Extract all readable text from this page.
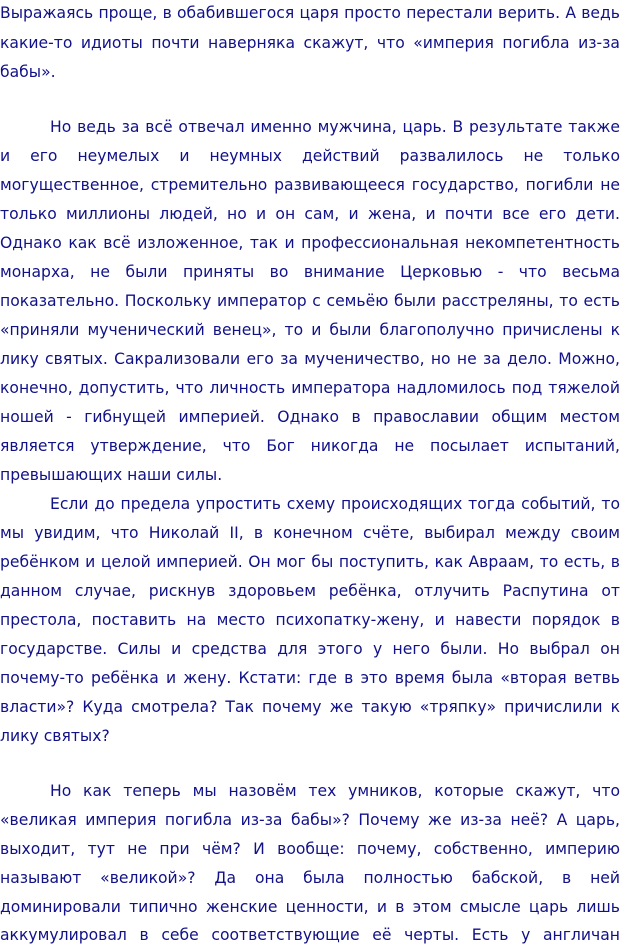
Выражаясь проще, в обабившегося царя просто перестали верить. А ведь
какие-то идиоты почти наверняка скажут, что «империя погибла из-за
бабы».
Но ведь за всё отвечал именно мужчина, царь. В результате также
и его неумелых и неумных действий развалилось не только
могущественное, стремительно развивающееся государство, погибли не
только миллионы людей, но и он сам, и жена, и почти все его дети.
Однако как всё изложенное, так и профессиональная некомпетентность
монарха, не были приняты во внимание Церковью - что весьма
показательно. Поскольку император с семьёю были расстреляны, то есть
«приняли мученический венец», то и были благополучно причислены к
лику святых. Сакрализовали его за мученичество, но не за дело. Можно,
конечно, допустить, что личность императора надломилось под тяжелой
ношей - гибнущей империей. Однако в православии общим местом
является утверждение, что Бог никогда не посылает испытаний,
превышающих наши силы.
Если до предела упростить схему происходящих тогда событий, то
мы увидим, что Николай II, в конечном счёте, выбирал между своим
ребёнком и целой империей. Он мог бы поступить, как Авраам, то есть, в
данном случае, рискнув здоровьем ребёнка, отлучить Распутина от
престола, поставить на место психопатку-жену, и навести порядок в
государстве. Силы и средства для этого у него были. Но выбрал он
почему-то ребёнка и жену. Кстати: где в это время была «вторая ветвь
власти»? Куда смотрела? Так почему же такую «тряпку» причислили к
лику святых?
Но как теперь мы назовём тех умников, которые скажут, что
«великая империя погибла из-за бабы»? Почему же из-за неё? А царь,
выходит, тут не при чём? И вообще: почему, собственно, империю
называют «великой»? Да она была полностью бабской, в ней
доминировали типично женские ценности, и в этом смысле царь лишь
аккумулировал в себе соответствующие её черты. Есть у англичан
